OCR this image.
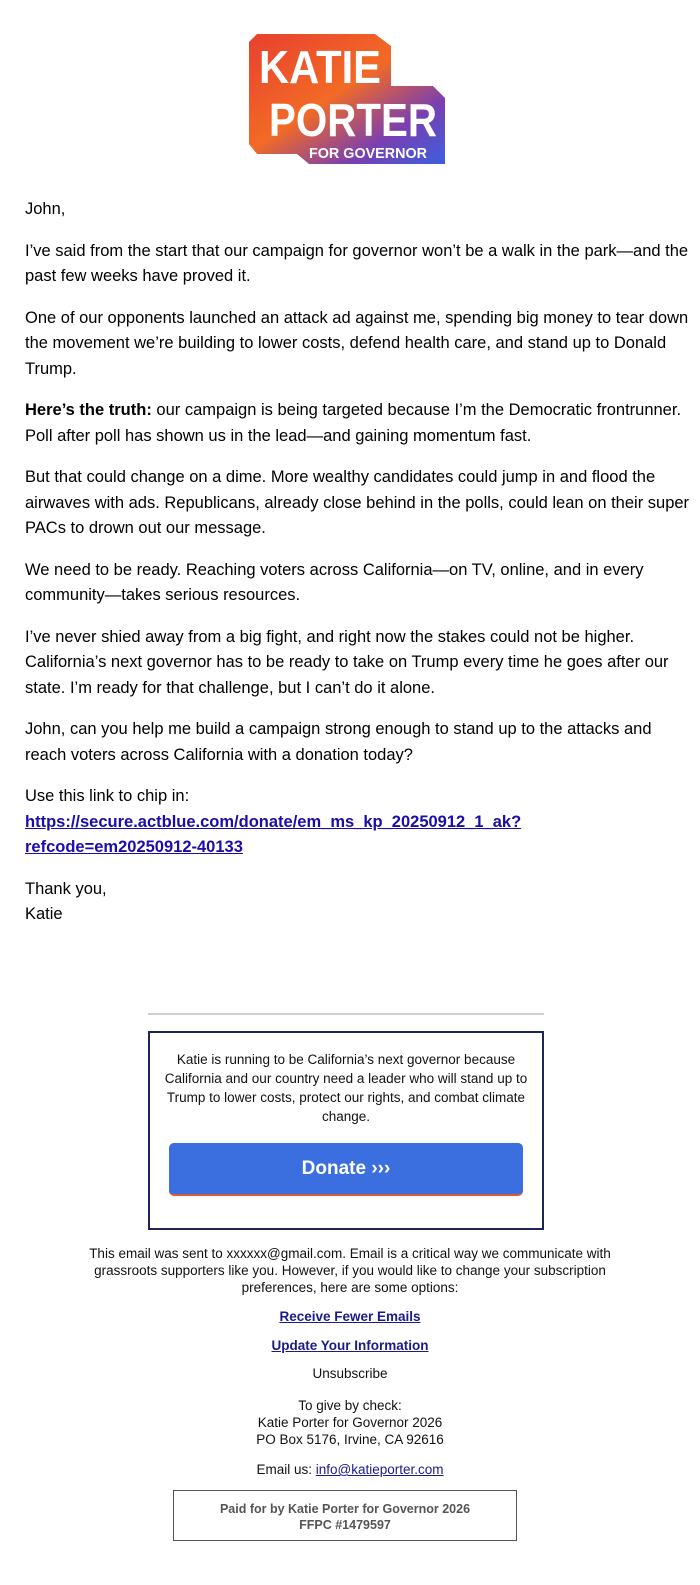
KATIE
PORTER
FOR GOVERNOR

John,

I’ve said from the start that our campaign for governor won’t be a walk in the park—and the past few weeks have proved it.

One of our opponents launched an attack ad against me, spending big money to tear down the movement we’re building to lower costs, defend health care, and stand up to Donald Trump.

Here’s the truth: our campaign is being targeted because I’m the Democratic frontrunner. Poll after poll has shown us in the lead—and gaining momentum fast.

But that could change on a dime. More wealthy candidates could jump in and flood the airwaves with ads. Republicans, already close behind in the polls, could lean on their super PACs to drown out our message.

We need to be ready. Reaching voters across California—on TV, online, and in every community—takes serious resources.

I’ve never shied away from a big fight, and right now the stakes could not be higher. California’s next governor has to be ready to take on Trump every time he goes after our state. I’m ready for that challenge, but I can’t do it alone.

John, can you help me build a campaign strong enough to stand up to the attacks and reach voters across California with a donation today?

Use this link to chip in:
https://secure.actblue.com/donate/em_ms_kp_20250912_1_ak?
refcode=em20250912-40133

Thank you,
Katie

Katie is running to be California’s next governor because California and our country need a leader who will stand up to Trump to lower costs, protect our rights, and combat climate change.
Donate ›››
This email was sent to xxxxxx@gmail.com. Email is a critical way we communicate with grassroots supporters like you. However, if you would like to change your subscription preferences, here are some options:
Receive Fewer Emails
Update Your Information
Unsubscribe
To give by check:
Katie Porter for Governor 2026
PO Box 5176, Irvine, CA 92616
Email us: info@katieporter.com
Paid for by Katie Porter for Governor 2026
FFPC #1479597
